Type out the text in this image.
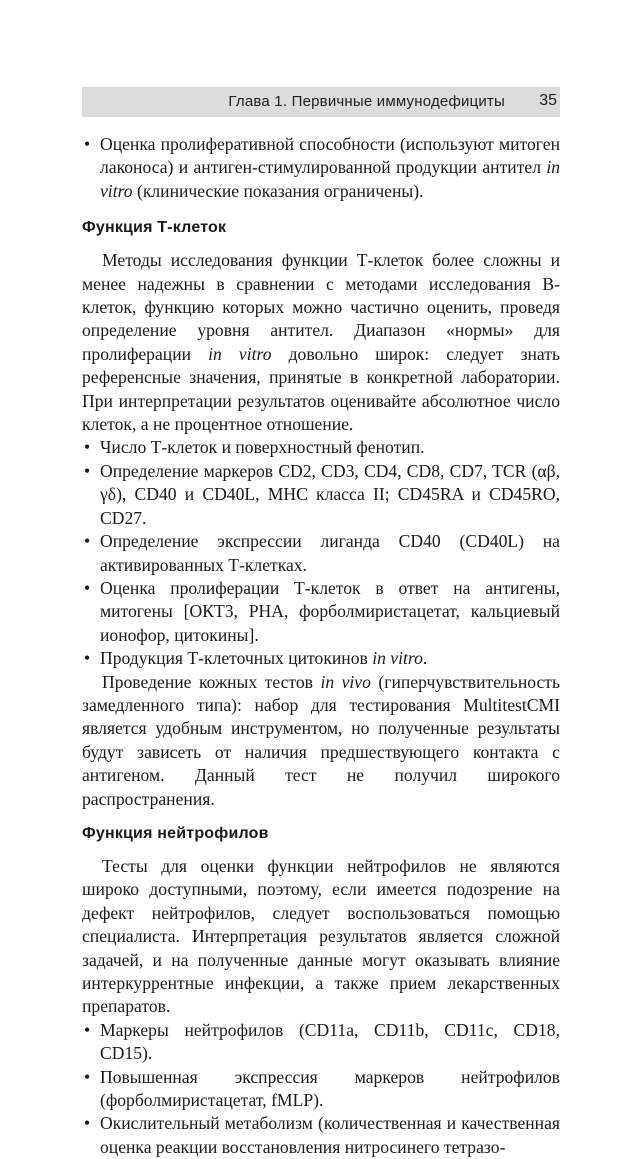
Глава 1. Первичные иммунодефициты 35
• Оценка пролиферативной способности (используют митоген лаконоса) и антиген-стимулированной продукции антител in vitro (клинические показания ограничены).
Функция Т-клеток

Методы исследования функции Т-клеток более сложны и менее надежны в сравнении с методами исследования В-клеток, функцию которых можно частично оценить, проведя определение уровня антител. Диапазон «нормы» для пролиферации in vitro довольно широк: следует знать референсные значения, принятые в конкретной лаборатории. При интерпретации результатов оценивайте абсолютное число клеток, а не процентное отношение.

• Число Т-клеток и поверхностный фенотип.
• Определение маркеров CD2, CD3, CD4, CD8, CD7, TCR (αβ, γδ), CD40 и CD40L, MHC класса II; CD45RA и CD45RO, CD27.
• Определение экспрессии лиганда CD40 (CD40L) на активированных Т-клетках.
• Оценка пролиферации Т-клеток в ответ на антигены, митогены [ОКТ3, PHA, форболмиристацетат, кальциевый ионофор, цитокины].
• Продукция Т-клеточных цитокинов in vitro.

Проведение кожных тестов in vivo (гиперчувствительность замедленного типа): набор для тестирования MultitestCMI является удобным инструментом, но полученные результаты будут зависеть от наличия предшествующего контакта с антигеном. Данный тест не получил широкого распространения.

Функция нейтрофилов

Тесты для оценки функции нейтрофилов не являются широко доступными, поэтому, если имеется подозрение на дефект нейтрофилов, следует воспользоваться помощью специалиста. Интерпретация результатов является сложной задачей, и на полученные данные могут оказывать влияние интеркуррентные инфекции, а также прием лекарственных препаратов.

• Маркеры нейтрофилов (CD11a, CD11b, CD11c, CD18, CD15).
• Повышенная экспрессия маркеров нейтрофилов (форболмиристацетат, fMLP).
• Окислительный метаболизм (количественная и качественная оценка реакции восстановления нитросинего тетразо-
